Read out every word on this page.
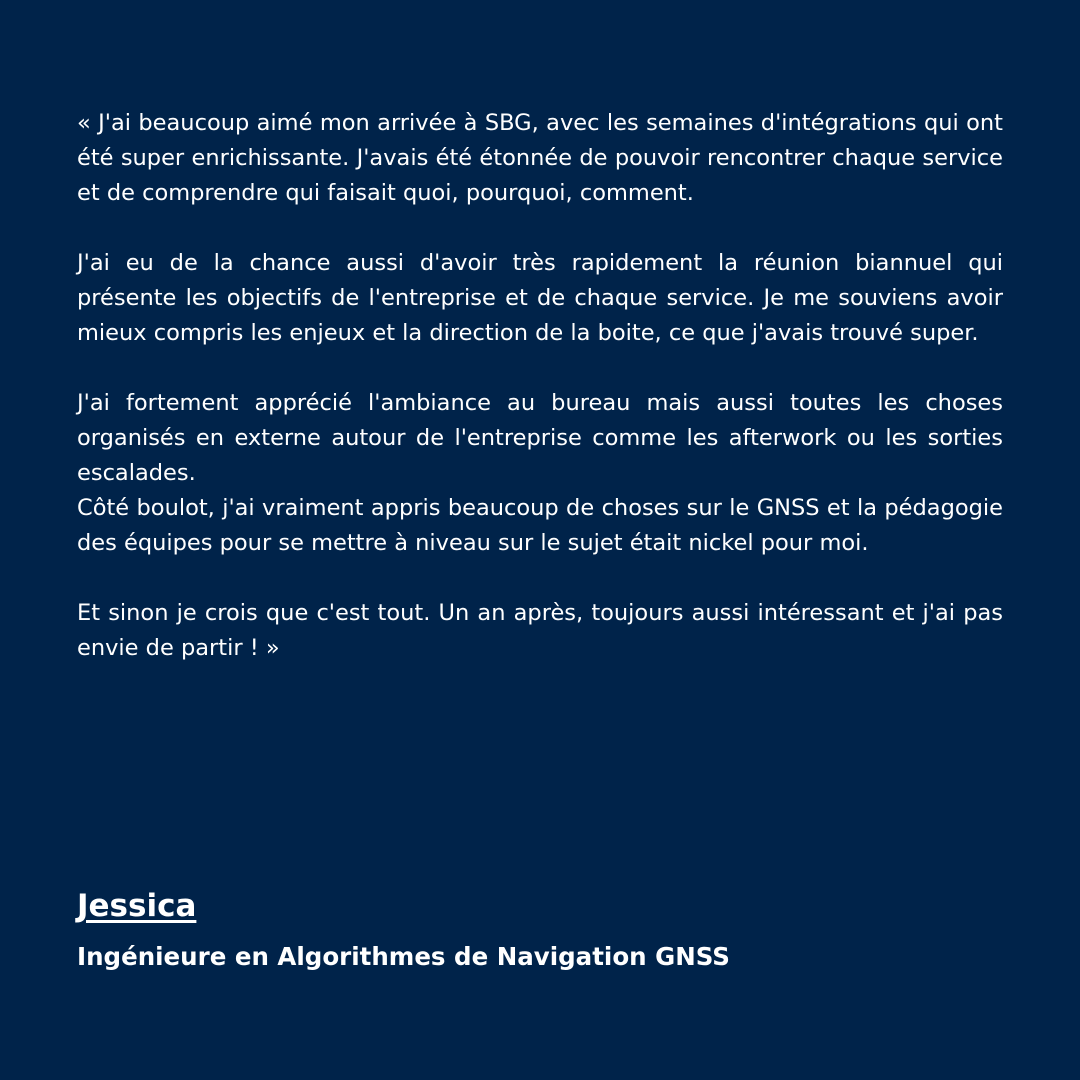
« J'ai beaucoup aimé mon arrivée à SBG, avec les semaines d'intégrations qui ont été super enrichissante. J'avais été étonnée de pouvoir rencontrer chaque service et de comprendre qui faisait quoi, pourquoi, comment.

J'ai eu de la chance aussi d'avoir très rapidement la réunion biannuel qui présente les objectifs de l'entreprise et de chaque service. Je me souviens avoir mieux compris les enjeux et la direction de la boite, ce que j'avais trouvé super.

J'ai fortement apprécié l'ambiance au bureau mais aussi toutes les choses organisés en externe autour de l'entreprise comme les afterwork ou les sorties escalades.

Côté boulot, j'ai vraiment appris beaucoup de choses sur le GNSS et la pédagogie des équipes pour se mettre à niveau sur le sujet était nickel pour moi.

Et sinon je crois que c'est tout. Un an après, toujours aussi intéressant et j'ai pas envie de partir ! »

Jessica
Ingénieure en Algorithmes de Navigation GNSS
